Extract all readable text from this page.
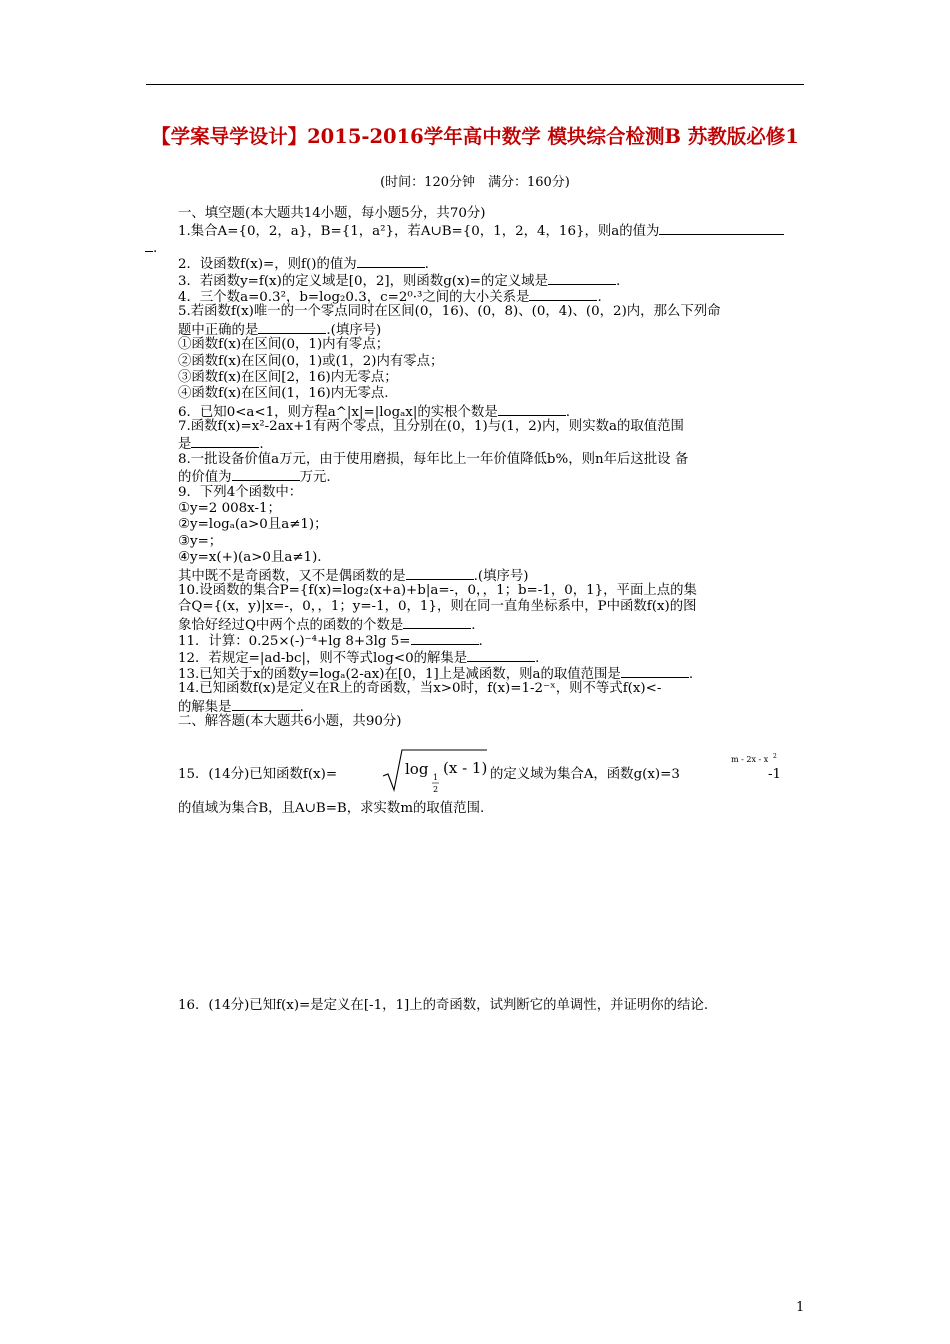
【学案导学设计】2015-2016学年高中数学 模块综合检测B 苏教版必修1
(时间：120分钟　满分：160分)
一、填空题(本大题共14小题，每小题5分，共70分)
1.集合A={0，2，a}，B={1，a²}，若A∪B={0，1，2，4，16}，则a的值为
.
2．设函数f(x)=，则f()的值为	.
3．若函数y=f(x)的定义域是[0，2]，则函数g(x)=的定义域是	.
4．三个数a=0.3²，b=log₂0.3，c=2⁰·³之间的大小关系是	.
5.若函数f(x)唯一的一个零点同时在区间(0，16)、(0，8)、(0，4)、(0，2)内，那么下列命
题中正确的是	.(填序号)
①函数f(x)在区间(0，1)内有零点；
②函数f(x)在区间(0，1)或(1，2)内有零点；
③函数f(x)在区间[2，16)内无零点；
④函数f(x)在区间(1，16)内无零点.
6．已知0<a<1，则方程a^|x|=|logₐx|的实根个数是	.
7.函数f(x)=x²-2ax+1有两个零点，且分别在(0，1)与(1，2)内，则实数a的取值范围
是	.
8.一批设备价值a万元，由于使用磨损，每年比上一年价值降低b%，则n年后这批设 备
的价值为	万元.
9．下列4个函数中：
①y=2 008x-1；
②y=logₐ(a>0且a≠1)；
③y=；
④y=x(+)(a>0且a≠1).
其中既不是奇函数，又不是偶函数的是	.(填序号)
10.设函数的集合P={f(x)=log₂(x+a)+b|a=-，0，，1；b=-1，0，1}，平面上点的集
合Q={(x，y)|x=-，0，，1；y=-1，0，1}，则在同一直角坐标系中，P中函数f(x)的图
象恰好经过Q中两个点的函数的个数是	.
11．计算：0.25×(-)⁻⁴+lg 8+3lg 5=	.
12．若规定=|ad-bc|，则不等式log<0的解集是	.
13.已知关于x的函数y=logₐ(2-ax)在[0，1]上是减函数，则a的取值范围是	.
14.已知函数f(x)是定义在R上的奇函数，当x>0时，f(x)=1-2⁻ˣ，则不等式f(x)<-
的解集是	.
二、解答题(本大题共6小题，共90分)
15．(14分)已知函数f(x)=	log 1
2
(x - 1) 的定义域为集合A，函数g(x)=3
m - 2x - x 2
-1
的值域为集合B，且A∪B=B，求实数m的取值范围.
16．(14分)已知f(x)=是定义在[-1，1]上的奇函数，试判断它的单调性，并证明你的结论.
1
